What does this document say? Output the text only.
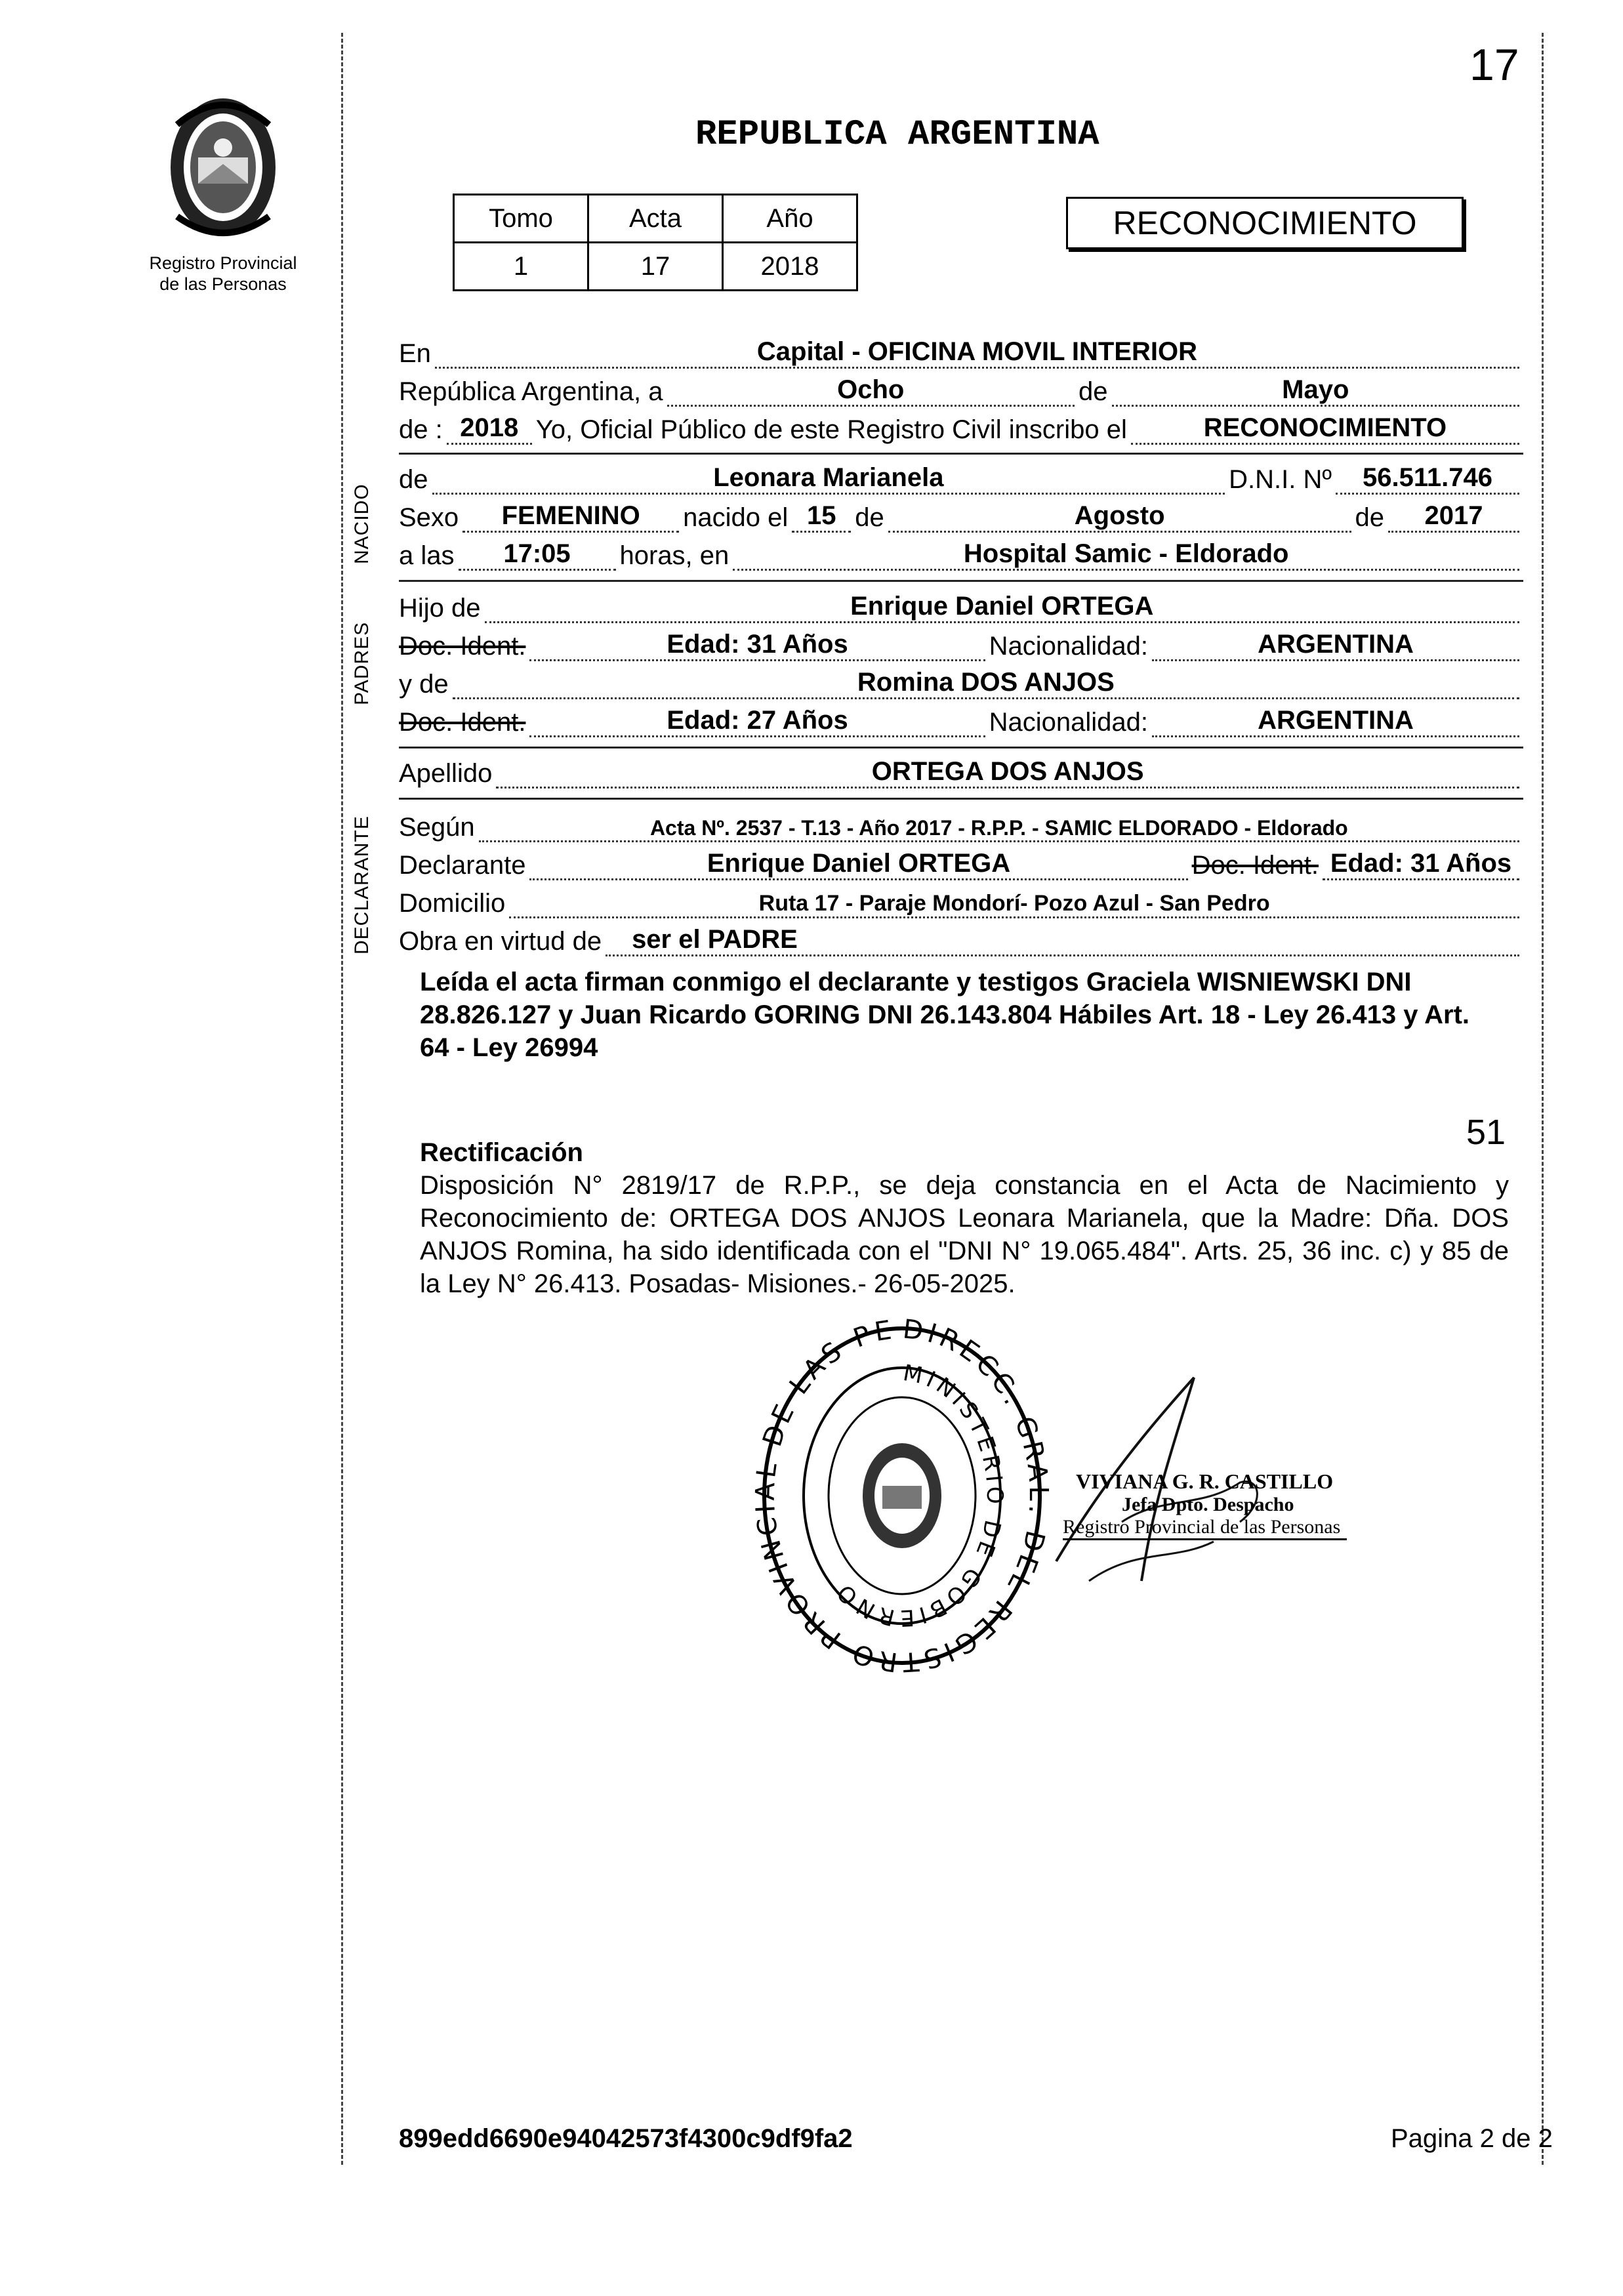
17
Registro Provincial
de las Personas
REPUBLICA ARGENTINA
Tomo	Acta	Año
1	17	2018
RECONOCIMIENTO
NACIDO
PADRES
DECLARANTE
En	Capital - OFICINA MOVIL INTERIOR
República Argentina, a	Ocho	de	Mayo
de : 2018 Yo, Oficial Público de este Registro Civil inscribo el	RECONOCIMIENTO
de	Leonara Marianela	D.N.I. Nº	56.511.746
Sexo	FEMENINO	nacido el 15 de	Agosto	de	2017
a las	17:05	horas, en	Hospital Samic - Eldorado
Hijo de	Enrique Daniel ORTEGA
Doc. Ident.	Edad: 31 Años	Nacionalidad:	ARGENTINA
y de	Romina DOS ANJOS
Doc. Ident.	Edad: 27 Años	Nacionalidad:	ARGENTINA
Apellido	ORTEGA DOS ANJOS
Según	Acta Nº. 2537 - T.13 - Año 2017 - R.P.P. - SAMIC ELDORADO - Eldorado
Declarante	Enrique Daniel ORTEGA	Doc. Ident. Edad: 31 Años
Domicilio	Ruta 17 - Paraje Mondorí- Pozo Azul - San Pedro
Obra en virtud de ser el PADRE
Leída el acta firman conmigo el declarante y testigos Graciela WISNIEWSKI DNI 28.826.127 y Juan Ricardo GORING DNI 26.143.804 Hábiles Art. 18 - Ley 26.413 y Art. 64 - Ley 26994
51
Rectificación
Disposición N° 2819/17 de R.P.P., se deja constancia en el Acta de Nacimiento y Reconocimiento de: ORTEGA DOS ANJOS Leonara Marianela, que la Madre: Dña. DOS ANJOS Romina, ha sido identificada con el "DNI N° 19.065.484". Arts. 25, 36 inc. c) y 85 de la Ley N° 26.413. Posadas- Misiones.- 26-05-2025.
DIRECC. GR DEL REGISTRO PROVIN L DE LAS PE
MINISTERIO DE GOBIERNO
VIVIANA G. R. CASTILLO
Jefa Dpto. Despacho
Registro Provincial de las Personas
899edd6690e94042573f4300c9df9fa2	Pagina 2 de 2
